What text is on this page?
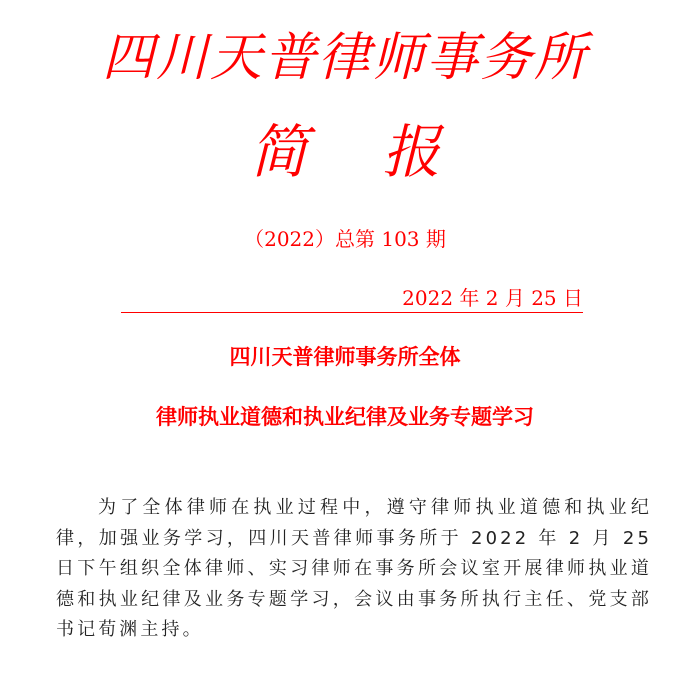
四川天普律师事务所
简 报
（2022）总第 103 期
2022 年 2 月 25 日
四川天普律师事务所全体
律师执业道德和执业纪律及业务专题学习

为了全体律师在执业过程中，遵守律师执业道德和执业纪律，加强业务学习，四川天普律师事务所于 2022 年 2 月 25 日下午组织全体律师、实习律师在事务所会议室开展律师执业道德和执业纪律及业务专题学习，会议由事务所执行主任、党支部书记荀渊主持。
